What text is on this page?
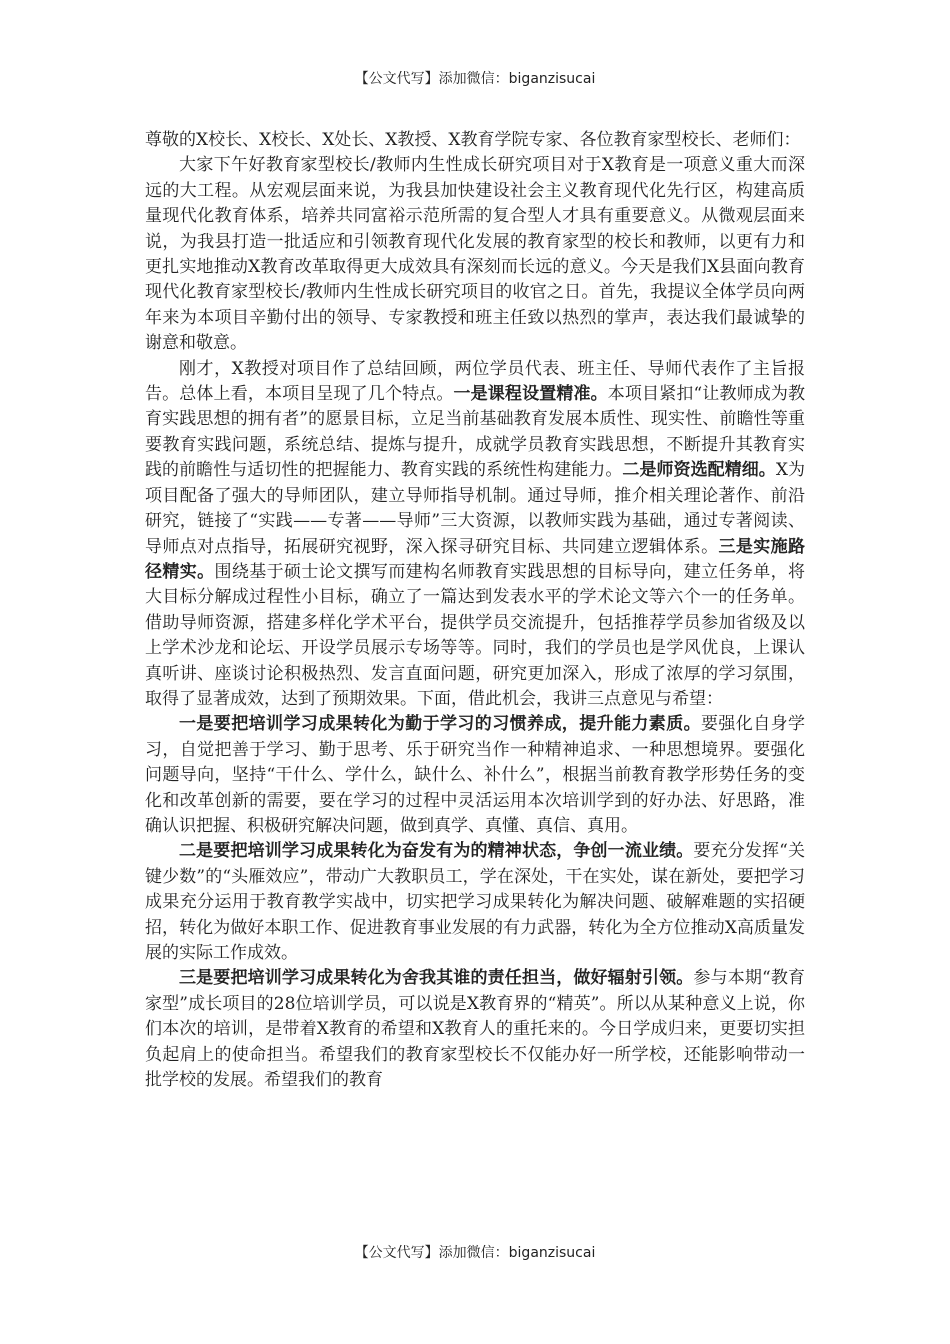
【公文代写】添加微信：biganzisucai

尊敬的X校长、X校长、X处长、X教授、X教育学院专家、各位教育家型校长、老师们：

大家下午好教育家型校长/教师内生性成长研究项目对于X教育是一项意义重大而深远的大工程。从宏观层面来说，为我县加快建设社会主义教育现代化先行区，构建高质量现代化教育体系，培养共同富裕示范所需的复合型人才具有重要意义。从微观层面来说，为我县打造一批适应和引领教育现代化发展的教育家型的校长和教师，以更有力和更扎实地推动X教育改革取得更大成效具有深刻而长远的意义。今天是我们X县面向教育现代化教育家型校长/教师内生性成长研究项目的收官之日。首先，我提议全体学员向两年来为本项目辛勤付出的领导、专家教授和班主任致以热烈的掌声，表达我们最诚挚的谢意和敬意。

刚才，X教授对项目作了总结回顾，两位学员代表、班主任、导师代表作了主旨报告。总体上看，本项目呈现了几个特点。一是课程设置精准。本项目紧扣“让教师成为教育实践思想的拥有者”的愿景目标，立足当前基础教育发展本质性、现实性、前瞻性等重要教育实践问题，系统总结、提炼与提升，成就学员教育实践思想，不断提升其教育实践的前瞻性与适切性的把握能力、教育实践的系统性构建能力。二是师资选配精细。X为项目配备了强大的导师团队，建立导师指导机制。通过导师，推介相关理论著作、前沿研究，链接了“实践——专著——导师”三大资源，以教师实践为基础，通过专著阅读、导师点对点指导，拓展研究视野，深入探寻研究目标、共同建立逻辑体系。三是实施路径精实。围绕基于硕士论文撰写而建构名师教育实践思想的目标导向，建立任务单，将大目标分解成过程性小目标，确立了一篇达到发表水平的学术论文等六个一的任务单。借助导师资源，搭建多样化学术平台，提供学员交流提升，包括推荐学员参加省级及以上学术沙龙和论坛、开设学员展示专场等等。同时，我们的学员也是学风优良，上课认真听讲、座谈讨论积极热烈、发言直面问题，研究更加深入，形成了浓厚的学习氛围，取得了显著成效，达到了预期效果。下面，借此机会，我讲三点意见与希望：

一是要把培训学习成果转化为勤于学习的习惯养成，提升能力素质。要强化自身学习，自觉把善于学习、勤于思考、乐于研究当作一种精神追求、一种思想境界。要强化问题导向，坚持“干什么、学什么，缺什么、补什么”，根据当前教育教学形势任务的变化和改革创新的需要，要在学习的过程中灵活运用本次培训学到的好办法、好思路，准确认识把握、积极研究解决问题，做到真学、真懂、真信、真用。

二是要把培训学习成果转化为奋发有为的精神状态，争创一流业绩。要充分发挥“关键少数”的“头雁效应”，带动广大教职员工，学在深处，干在实处，谋在新处，要把学习成果充分运用于教育教学实战中，切实把学习成果转化为解决问题、破解难题的实招硬招，转化为做好本职工作、促进教育事业发展的有力武器，转化为全方位推动X高质量发展的实际工作成效。

三是要把培训学习成果转化为舍我其谁的责任担当，做好辐射引领。参与本期“教育家型”成长项目的28位培训学员，可以说是X教育界的“精英”。所以从某种意义上说，你们本次的培训，是带着X教育的希望和X教育人的重托来的。今日学成归来，更要切实担负起肩上的使命担当。希望我们的教育家型校长不仅能办好一所学校，还能影响带动一批学校的发展。希望我们的教育

【公文代写】添加微信：biganzisucai
